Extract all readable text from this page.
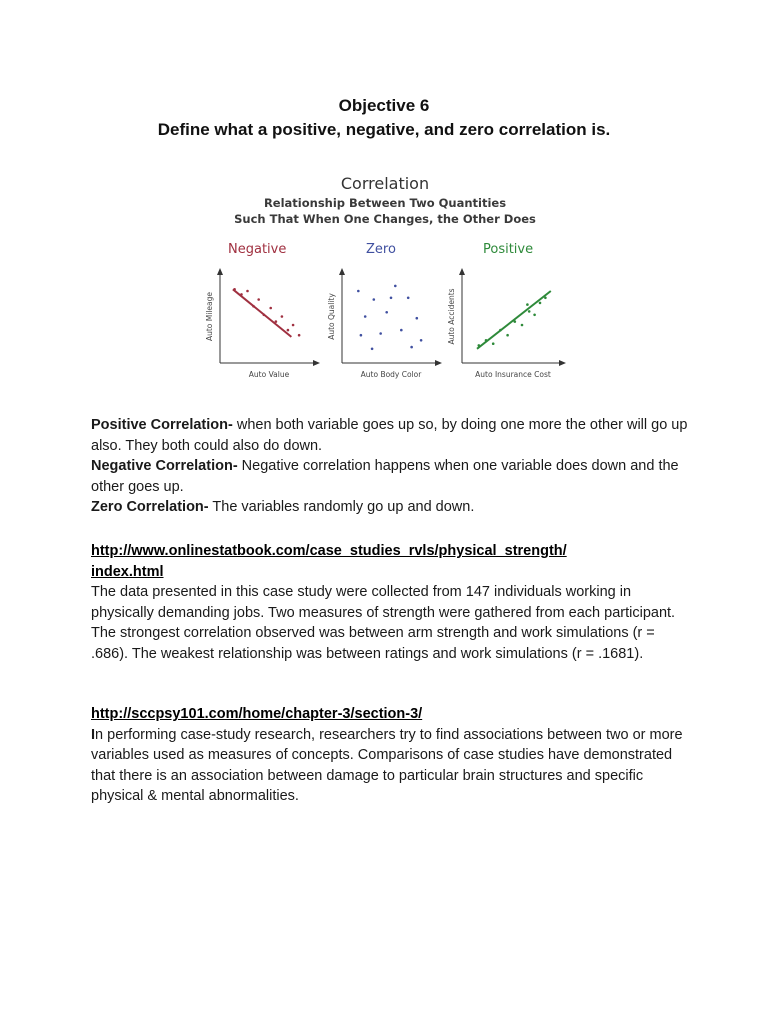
Objective 6
Define what a positive, negative, and zero correlation is.
Correlation
Relationship Between Two Quantities
Such That When One Changes, the Other Does
Negative	Zero	Positive
Auto Value
Auto Mileage
Auto Body Color
Auto Quality
Auto Insurance Cost
Auto Accidents

Positive Correlation- when both variable goes up so, by doing one more the other will go up also. They both could also do down.

Negative Correlation- Negative correlation happens when one variable does down and the other goes up.

Zero Correlation- The variables randomly go up and down.

http://www.onlinestatbook.com/case_studies_rvls/physical_strength/

index.html

The data presented in this case study were collected from 147 individuals working in physically demanding jobs. Two measures of strength were gathered from each participant. The strongest correlation observed was between arm strength and work simulations (r = .686). The weakest relationship was between ratings and work simulations (r = .1681).

http://sccpsy101.com/home/chapter-3/section-3/

In performing case-study research, researchers try to find associations between two or more variables used as measures of concepts. Comparisons of case studies have demonstrated that there is an association between damage to particular brain structures and specific physical & mental abnormalities.
